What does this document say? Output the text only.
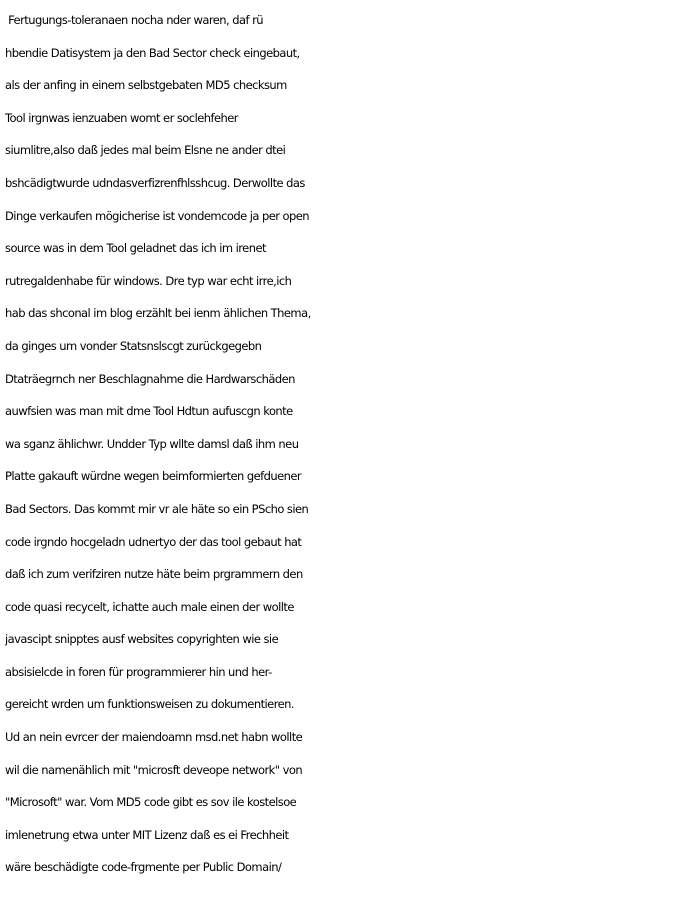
Fertugungs-toleranaen nocha nder waren, daf rü
hbendie Datisystem ja den Bad Sector check eingebaut,
als der anfing in einem selbstgebaten MD5 checksum
Tool irgnwas ienzuaben womt er soclehfeher
siumlitre,also daß jedes mal beim Elsne ne ander dtei
bshcädigtwurde udndasverfizrenfhlsshcug. Derwollte das
Dinge verkaufen mögicherise ist vondemcode ja per open
source was in dem Tool geladnet das ich im irenet
rutregaldenhabe für windows. Dre typ war echt irre,ich
hab das shconal im blog erzählt bei ienm ählichen Thema,
da ginges um vonder Statsnslscgt zurückgegebn
Dtaträegrnch ner Beschlagnahme die Hardwarschäden
auwfsien was man mit dme Tool Hdtun aufuscgn konte
wa sganz ählichwr. Undder Typ wllte damsl daß ihm neu
Platte gakauft würdne wegen beimformierten gefduener
Bad Sectors. Das kommt mir vr ale häte so ein PScho sien
code irgndo hocgeladn udnertyo der das tool gebaut hat
daß ich zum verifziren nutze häte beim prgrammern den
code quasi recycelt, ichatte auch male einen der wollte
javascipt snipptes ausf websites copyrighten wie sie
absisielcde in foren für programmierer hin und her-
gereicht wrden um funktionsweisen zu dokumentieren.
Ud an nein evrcer der maiendoamn msd.net habn wollte
wil die namenählich mit "microsft deveope network" von
"Microsoft" war. Vom MD5 code gibt es sov ile kostelsoe
imlenetrung etwa unter MIT Lizenz daß es ei Frechheit
wäre beschädigte code-frgmente per Public Domain/
